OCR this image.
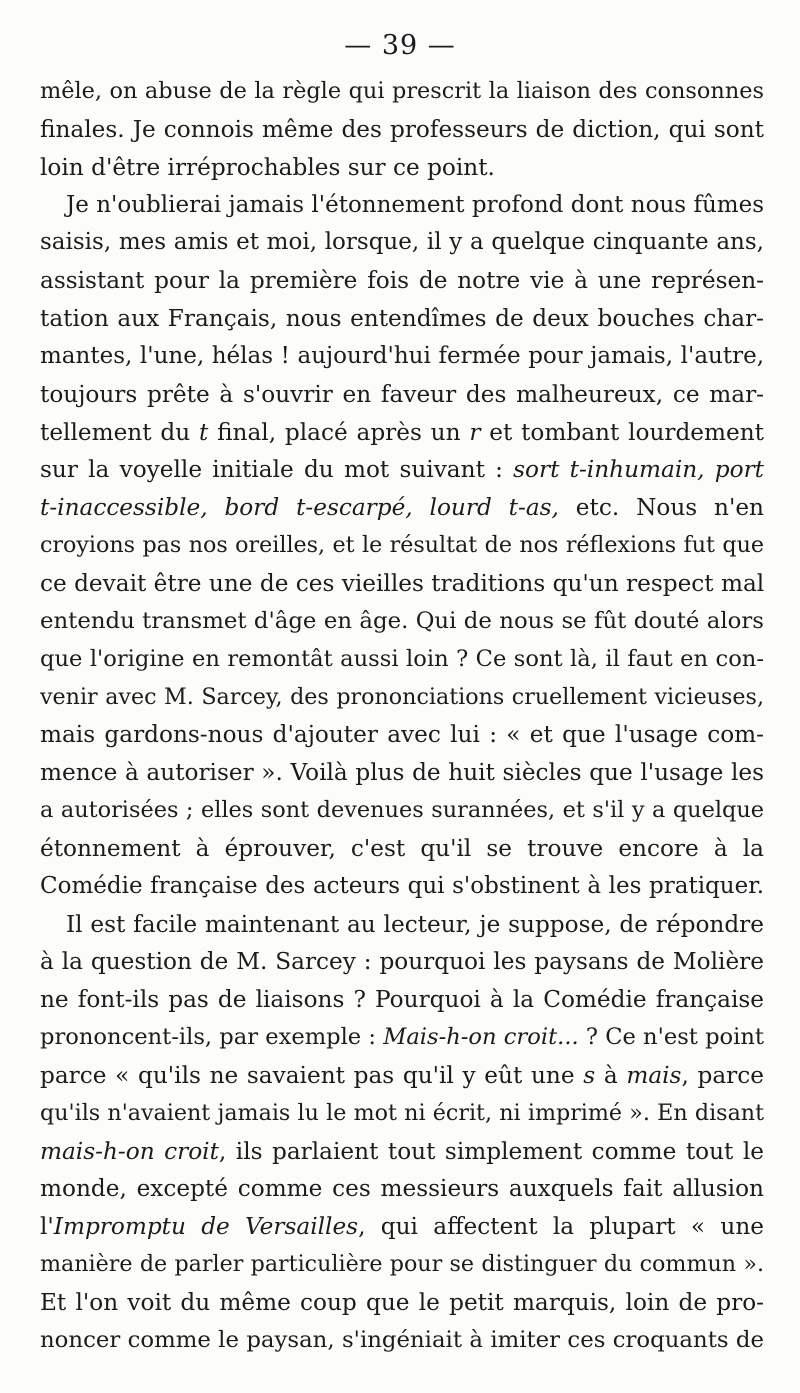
— 39 —
mêle, on abuse de la règle qui prescrit la liaison des consonnes
finales. Je connois même des professeurs de diction, qui sont
loin d'être irréprochables sur ce point.
Je n'oublierai jamais l'étonnement profond dont nous fûmes
saisis, mes amis et moi, lorsque, il y a quelque cinquante ans,
assistant pour la première fois de notre vie à une représen-
tation aux Français, nous entendîmes de deux bouches char-
mantes, l'une, hélas ! aujourd'hui fermée pour jamais, l'autre,
toujours prête à s'ouvrir en faveur des malheureux, ce mar-
tellement du t final, placé après un r et tombant lourdement
sur la voyelle initiale du mot suivant : sort t-inhumain, port
t-inaccessible, bord t-escarpé, lourd t-as, etc. Nous n'en
croyions pas nos oreilles, et le résultat de nos réflexions fut que
ce devait être une de ces vieilles traditions qu'un respect mal
entendu transmet d'âge en âge. Qui de nous se fût douté alors
que l'origine en remontât aussi loin ? Ce sont là, il faut en con-
venir avec M. Sarcey, des prononciations cruellement vicieuses,
mais gardons-nous d'ajouter avec lui : « et que l'usage com-
mence à autoriser ». Voilà plus de huit siècles que l'usage les
a autorisées ; elles sont devenues surannées, et s'il y a quelque
étonnement à éprouver, c'est qu'il se trouve encore à la
Comédie française des acteurs qui s'obstinent à les pratiquer.
Il est facile maintenant au lecteur, je suppose, de répondre
à la question de M. Sarcey : pourquoi les paysans de Molière
ne font-ils pas de liaisons ? Pourquoi à la Comédie française
prononcent-ils, par exemple : Mais-h-on croit... ? Ce n'est point
parce « qu'ils ne savaient pas qu'il y eût une s à mais, parce
qu'ils n'avaient jamais lu le mot ni écrit, ni imprimé ». En disant
mais-h-on croit, ils parlaient tout simplement comme tout le
monde, excepté comme ces messieurs auxquels fait allusion
l'Impromptu de Versailles, qui affectent la plupart « une
manière de parler particulière pour se distinguer du commun ».
Et l'on voit du même coup que le petit marquis, loin de pro-
noncer comme le paysan, s'ingéniait à imiter ces croquants de
